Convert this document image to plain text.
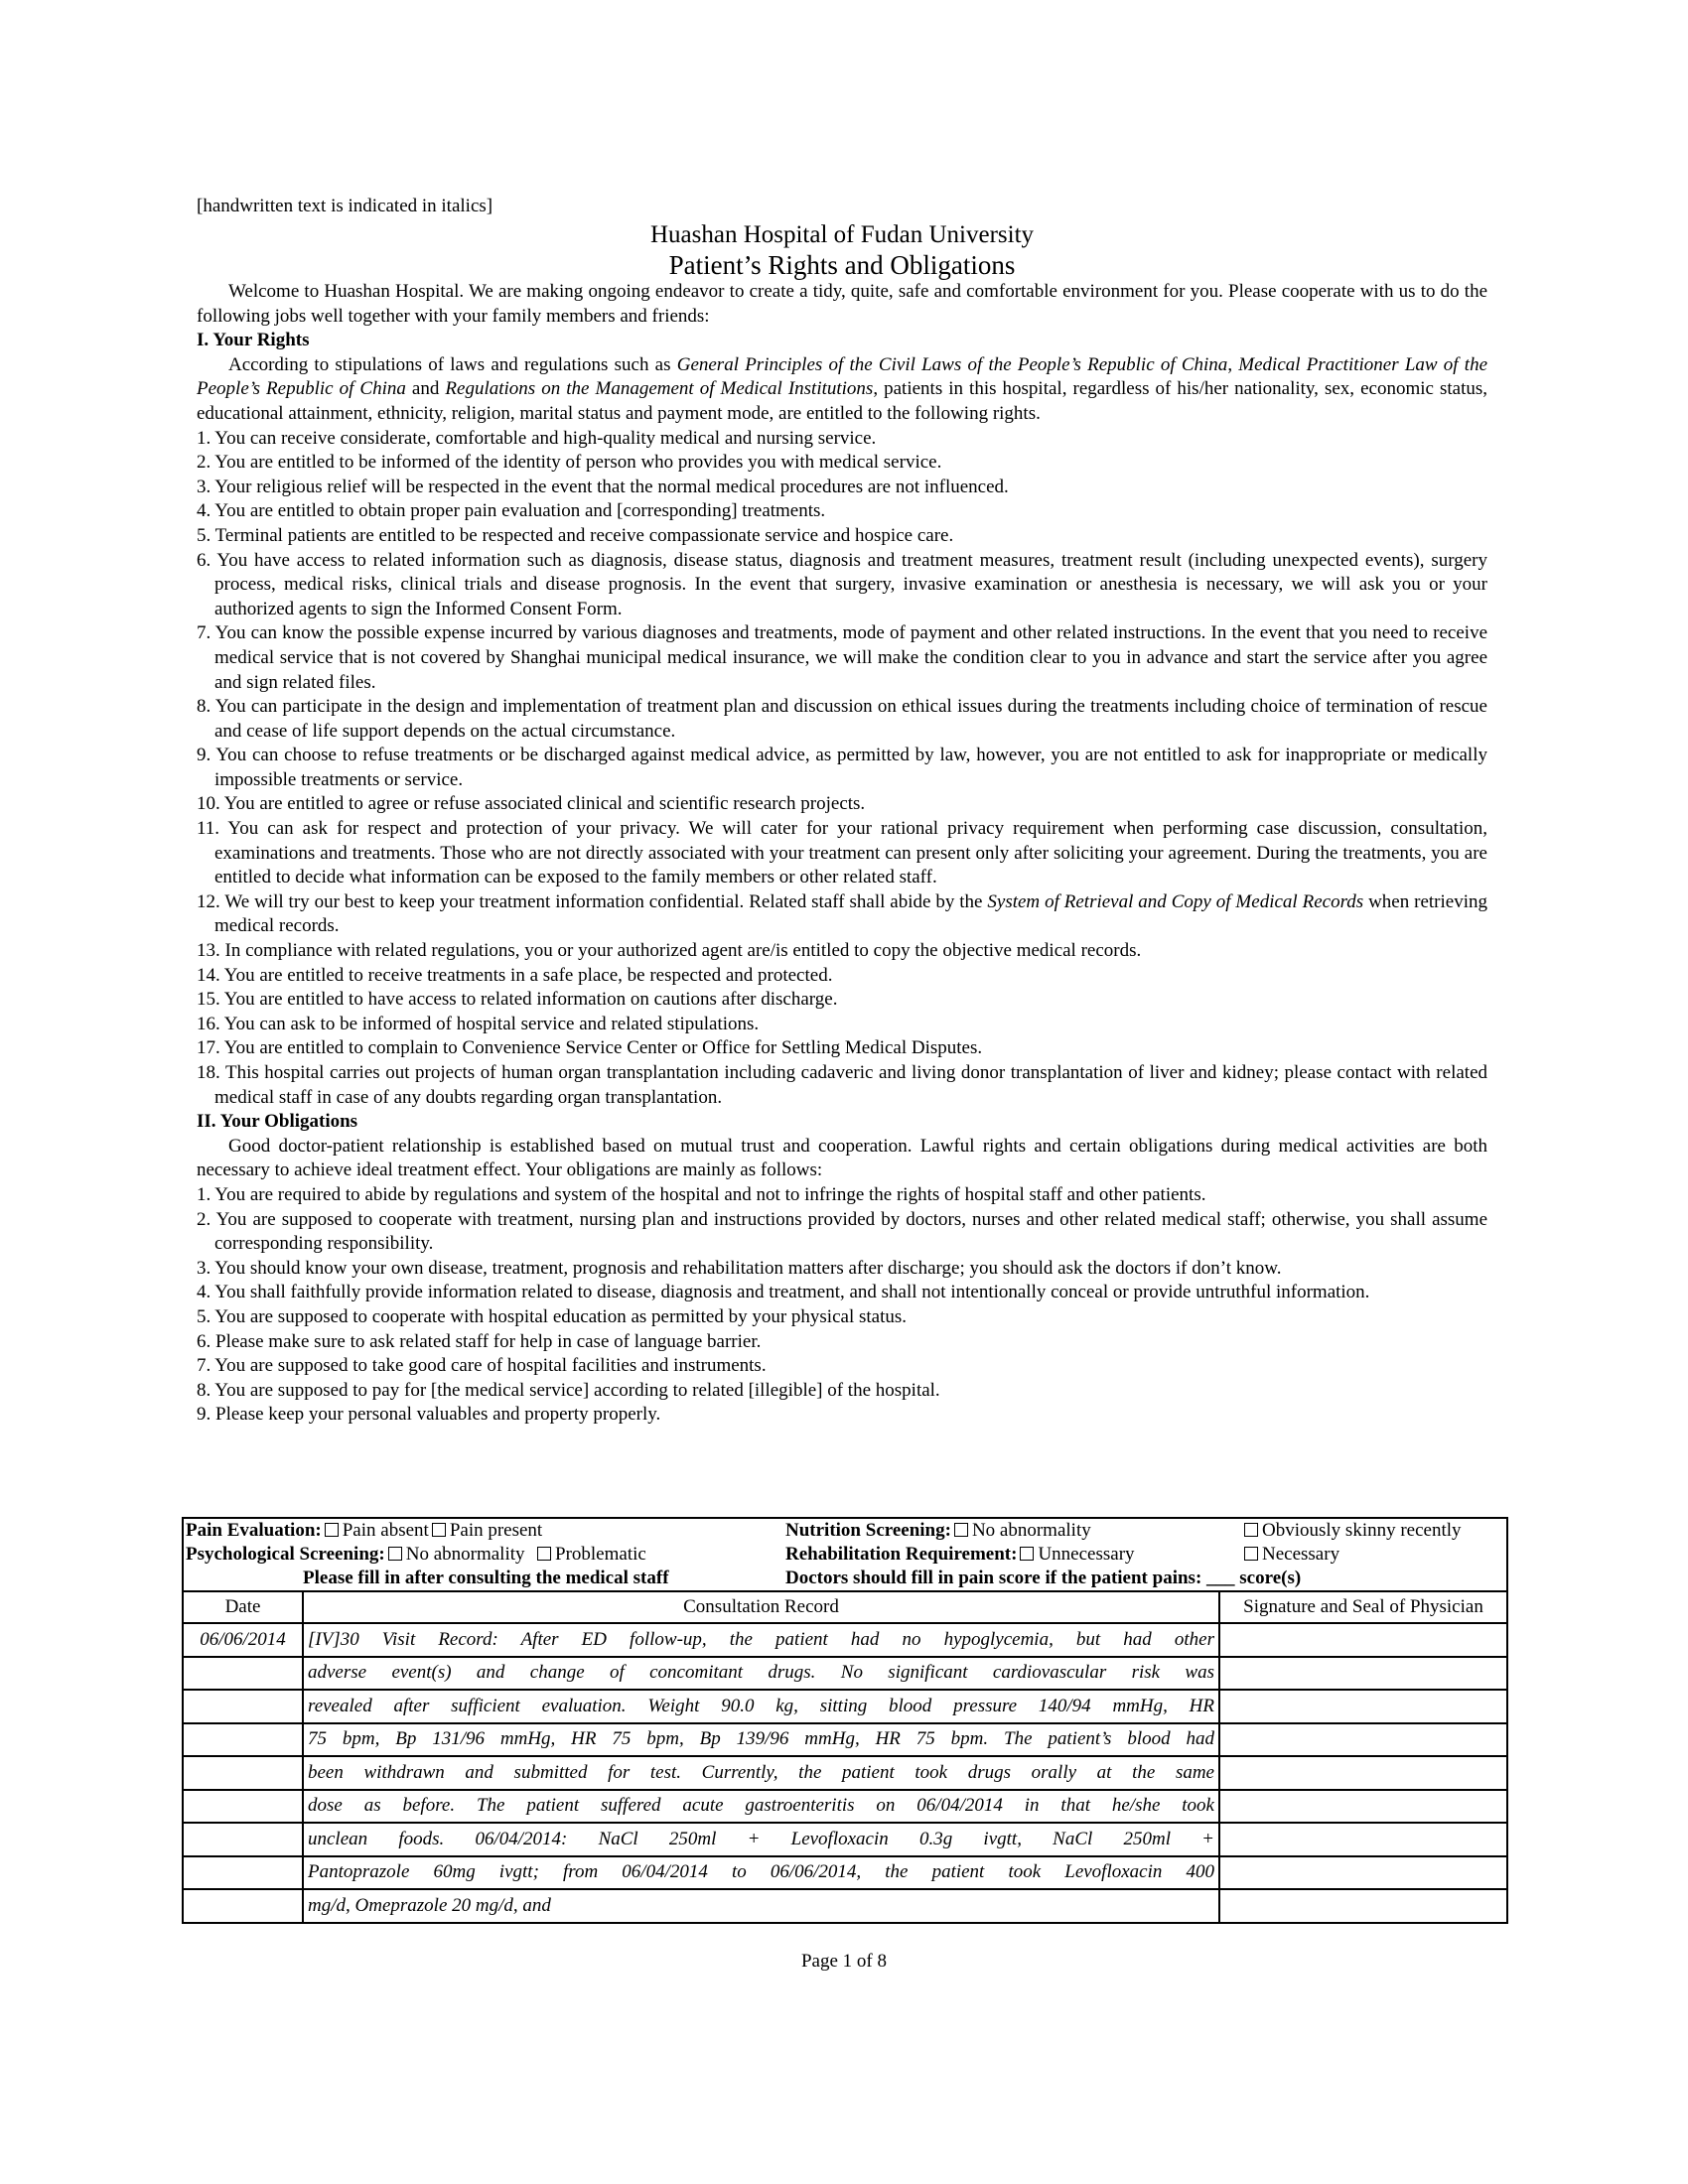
[handwritten text is indicated in italics]
Huashan Hospital of Fudan University
Patient’s Rights and Obligations

Welcome to Huashan Hospital. We are making ongoing endeavor to create a tidy, quite, safe and comfortable environment for you. Please cooperate with us to do the following jobs well together with your family members and friends:

I. Your Rights

According to stipulations of laws and regulations such as General Principles of the Civil Laws of the People’s Republic of China, Medical Practitioner Law of the People’s Republic of China and Regulations on the Management of Medical Institutions, patients in this hospital, regardless of his/her nationality, sex, economic status, educational attainment, ethnicity, religion, marital status and payment mode, are entitled to the following rights.

1. You can receive considerate, comfortable and high-quality medical and nursing service.
2. You are entitled to be informed of the identity of person who provides you with medical service.
3. Your religious relief will be respected in the event that the normal medical procedures are not influenced.
4. You are entitled to obtain proper pain evaluation and [corresponding] treatments.
5. Terminal patients are entitled to be respected and receive compassionate service and hospice care.
6. You have access to related information such as diagnosis, disease status, diagnosis and treatment measures, treatment result (including unexpected events), surgery process, medical risks, clinical trials and disease prognosis. In the event that surgery, invasive examination or anesthesia is necessary, we will ask you or your authorized agents to sign the Informed Consent Form.
7. You can know the possible expense incurred by various diagnoses and treatments, mode of payment and other related instructions. In the event that you need to receive medical service that is not covered by Shanghai municipal medical insurance, we will make the condition clear to you in advance and start the service after you agree and sign related files.
8. You can participate in the design and implementation of treatment plan and discussion on ethical issues during the treatments including choice of termination of rescue and cease of life support depends on the actual circumstance.
9. You can choose to refuse treatments or be discharged against medical advice, as permitted by law, however, you are not entitled to ask for inappropriate or medically impossible treatments or service.
10. You are entitled to agree or refuse associated clinical and scientific research projects.
11. You can ask for respect and protection of your privacy. We will cater for your rational privacy requirement when performing case discussion, consultation, examinations and treatments. Those who are not directly associated with your treatment can present only after soliciting your agreement. During the treatments, you are entitled to decide what information can be exposed to the family members or other related staff.
12. We will try our best to keep your treatment information confidential. Related staff shall abide by the System of Retrieval and Copy of Medical Records when retrieving medical records.
13. In compliance with related regulations, you or your authorized agent are/is entitled to copy the objective medical records.
14. You are entitled to receive treatments in a safe place, be respected and protected.
15. You are entitled to have access to related information on cautions after discharge.
16. You can ask to be informed of hospital service and related stipulations.
17. You are entitled to complain to Convenience Service Center or Office for Settling Medical Disputes.
18. This hospital carries out projects of human organ transplantation including cadaveric and living donor transplantation of liver and kidney; please contact with related medical staff in case of any doubts regarding organ transplantation.

II. Your Obligations

Good doctor-patient relationship is established based on mutual trust and cooperation. Lawful rights and certain obligations during medical activities are both necessary to achieve ideal treatment effect. Your obligations are mainly as follows:

1. You are required to abide by regulations and system of the hospital and not to infringe the rights of hospital staff and other patients.
2. You are supposed to cooperate with treatment, nursing plan and instructions provided by doctors, nurses and other related medical staff; otherwise, you shall assume corresponding responsibility.
3. You should know your own disease, treatment, prognosis and rehabilitation matters after discharge; you should ask the doctors if don’t know.
4. You shall faithfully provide information related to disease, diagnosis and treatment, and shall not intentionally conceal or provide untruthful information.
5. You are supposed to cooperate with hospital education as permitted by your physical status.
6. Please make sure to ask related staff for help in case of language barrier.
7. You are supposed to take good care of hospital facilities and instruments.
8. You are supposed to pay for [the medical service] according to related [illegible] of the hospital.
9. Please keep your personal valuables and property properly.
Pain Evaluation: Pain absent Pain present	Nutrition Screening: No abnormality	Obviously skinny recently
Psychological Screening: No abnormality Problematic	Rehabilitation Requirement: Unnecessary	Necessary
Please fill in after consulting the medical staff	Doctors should fill in pain score if the patient pains: ___ score(s)	
Date	Consultation Record	Signature and Seal of Physician
06/06/2014	[IV]30 Visit Record: After ED follow-up, the patient had no hypoglycemia, but had other	
	adverse event(s) and change of concomitant drugs. No significant cardiovascular risk was	
	revealed after sufficient evaluation. Weight 90.0 kg, sitting blood pressure 140/94 mmHg, HR	
	75 bpm, Bp 131/96 mmHg, HR 75 bpm, Bp 139/96 mmHg, HR 75 bpm. The patient’s blood had	
	been withdrawn and submitted for test. Currently, the patient took drugs orally at the same	
	dose as before. The patient suffered acute gastroenteritis on 06/04/2014 in that he/she took	
	unclean foods. 06/04/2014: NaCl 250ml + Levofloxacin 0.3g ivgtt, NaCl 250ml +	
	Pantoprazole 60mg ivgtt; from 06/04/2014 to 06/06/2014, the patient took Levofloxacin 400	
	mg/d, Omeprazole 20 mg/d, and	
Page 1 of 8
